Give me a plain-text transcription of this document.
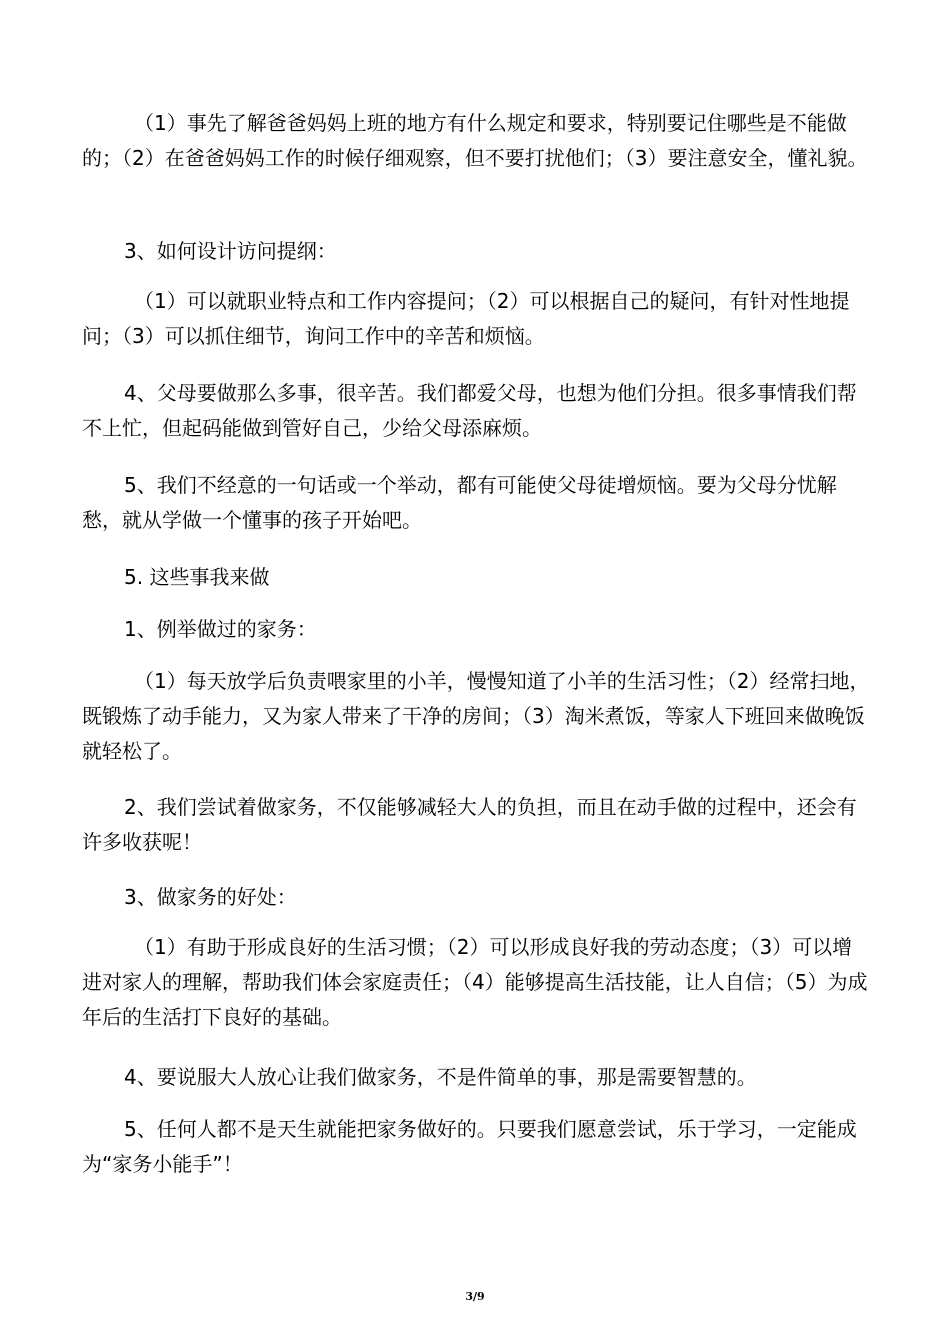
（1）事先了解爸爸妈妈上班的地方有什么规定和要求，特别要记住哪些是不能做的；（2）在爸爸妈妈工作的时候仔细观察，但不要打扰他们；（3）要注意安全，懂礼貌。

3、如何设计访问提纲：

（1）可以就职业特点和工作内容提问；（2）可以根据自己的疑问，有针对性地提问；（3）可以抓住细节，询问工作中的辛苦和烦恼。

4、父母要做那么多事，很辛苦。我们都爱父母，也想为他们分担。很多事情我们帮不上忙，但起码能做到管好自己，少给父母添麻烦。

5、我们不经意的一句话或一个举动，都有可能使父母徒增烦恼。要为父母分忧解愁，就从学做一个懂事的孩子开始吧。

5. 这些事我来做

1、例举做过的家务：

（1）每天放学后负责喂家里的小羊，慢慢知道了小羊的生活习性；（2）经常扫地，既锻炼了动手能力，又为家人带来了干净的房间；（3）淘米煮饭，等家人下班回来做晚饭就轻松了。

2、我们尝试着做家务，不仅能够减轻大人的负担，而且在动手做的过程中，还会有许多收获呢！

3、做家务的好处：

（1）有助于形成良好的生活习惯；（2）可以形成良好我的劳动态度；（3）可以增进对家人的理解，帮助我们体会家庭责任；（4）能够提高生活技能，让人自信；（5）为成年后的生活打下良好的基础。

4、要说服大人放心让我们做家务，不是件简单的事，那是需要智慧的。

5、任何人都不是天生就能把家务做好的。只要我们愿意尝试，乐于学习，一定能成为“家务小能手”！

3/9
